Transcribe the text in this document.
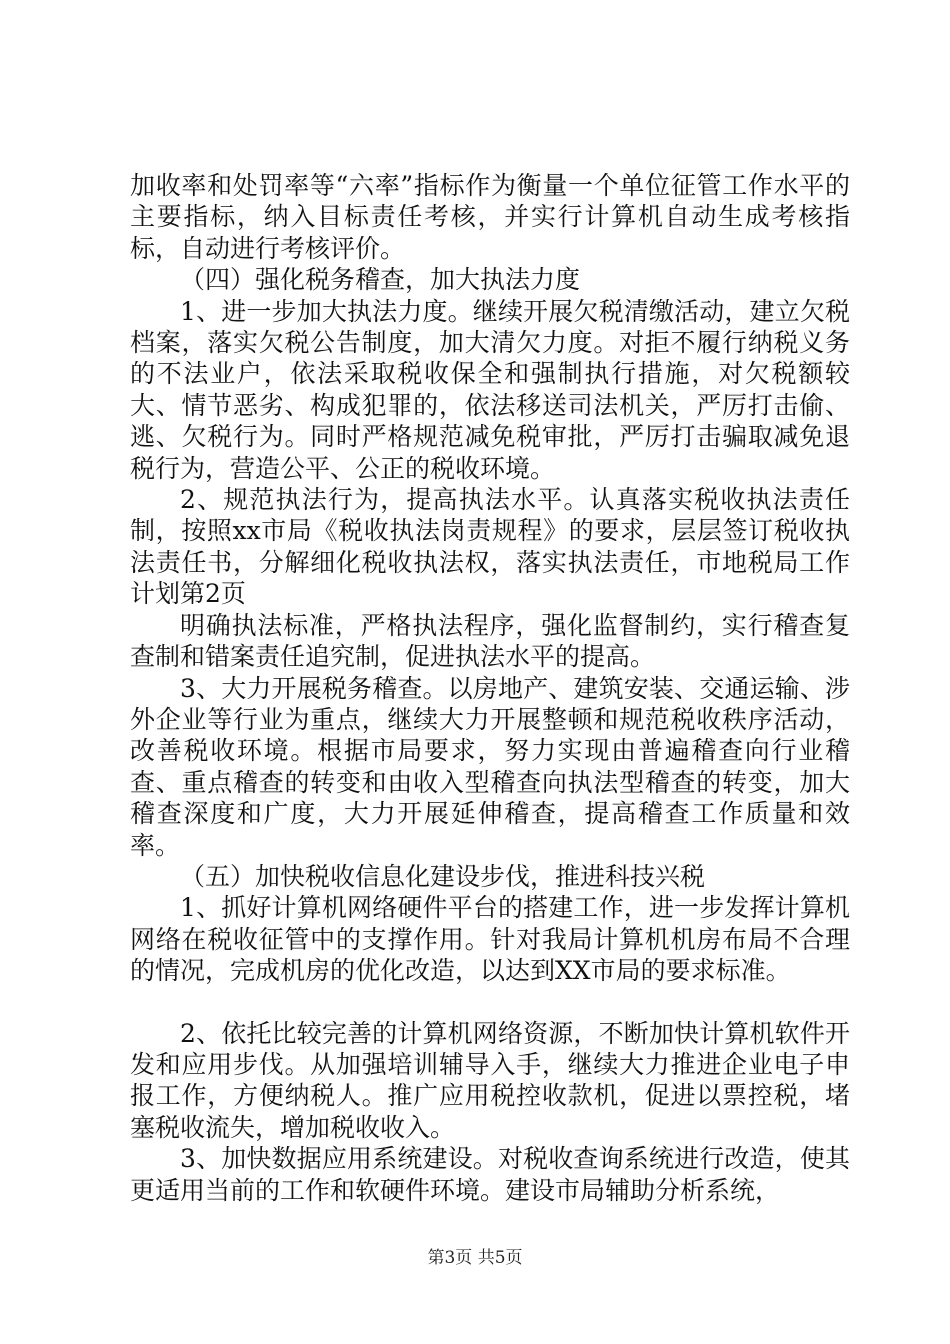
加收率和处罚率等“六率”指标作为衡量一个单位征管工作水平的主要指标，纳入目标责任考核，并实行计算机自动生成考核指标，自动进行考核评价。

（四）强化税务稽查，加大执法力度

1、进一步加大执法力度。继续开展欠税清缴活动，建立欠税档案，落实欠税公告制度，加大清欠力度。对拒不履行纳税义务的不法业户，依法采取税收保全和强制执行措施，对欠税额较大、情节恶劣、构成犯罪的，依法移送司法机关，严厉打击偷、逃、欠税行为。同时严格规范减免税审批，严厉打击骗取减免退税行为，营造公平、公正的税收环境。

2、规范执法行为，提高执法水平。认真落实税收执法责任制，按照xx市局《税收执法岗责规程》的要求，层层签订税收执法责任书，分解细化税收执法权，落实执法责任，市地税局工作计划第2页

明确执法标准，严格执法程序，强化监督制约，实行稽查复查制和错案责任追究制，促进执法水平的提高。

3、大力开展税务稽查。以房地产、建筑安装、交通运输、涉外企业等行业为重点，继续大力开展整顿和规范税收秩序活动，改善税收环境。根据市局要求，努力实现由普遍稽查向行业稽查、重点稽查的转变和由收入型稽查向执法型稽查的转变，加大稽查深度和广度，大力开展延伸稽查，提高稽查工作质量和效率。

（五）加快税收信息化建设步伐，推进科技兴税

1、抓好计算机网络硬件平台的搭建工作，进一步发挥计算机网络在税收征管中的支撑作用。针对我局计算机机房布局不合理的情况，完成机房的优化改造，以达到XX市局的要求标准。

2、依托比较完善的计算机网络资源，不断加快计算机软件开发和应用步伐。从加强培训辅导入手，继续大力推进企业电子申报工作，方便纳税人。推广应用税控收款机，促进以票控税，堵塞税收流失，增加税收收入。

3、加快数据应用系统建设。对税收查询系统进行改造，使其更适用当前的工作和软硬件环境。建设市局辅助分析系统，

第3页 共5页
